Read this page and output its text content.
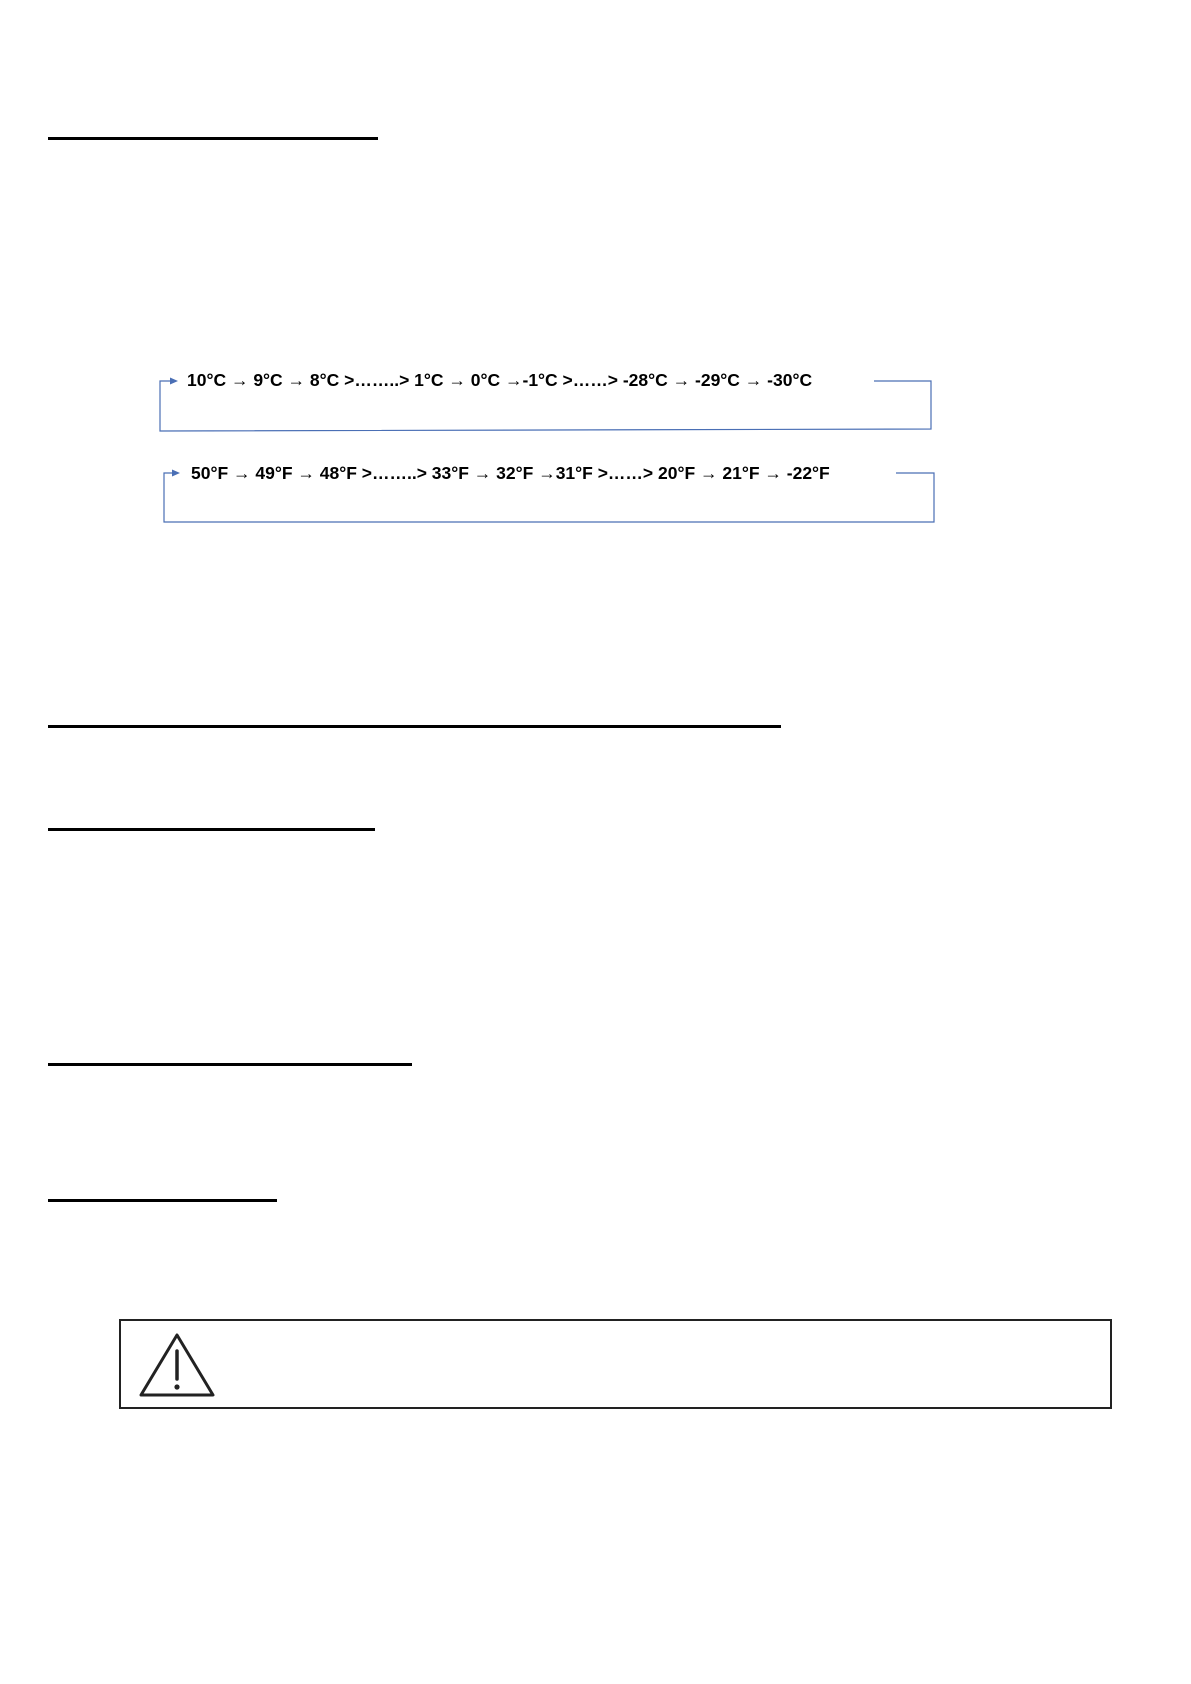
10°C → 9°C → 8°C >……..> 1°C → 0°C →-1°C >……> -28°C → -29°C → -30°C
50°F → 49°F → 48°F >……..> 33°F → 32°F →31°F >……> 20°F → 21°F → -22°F
